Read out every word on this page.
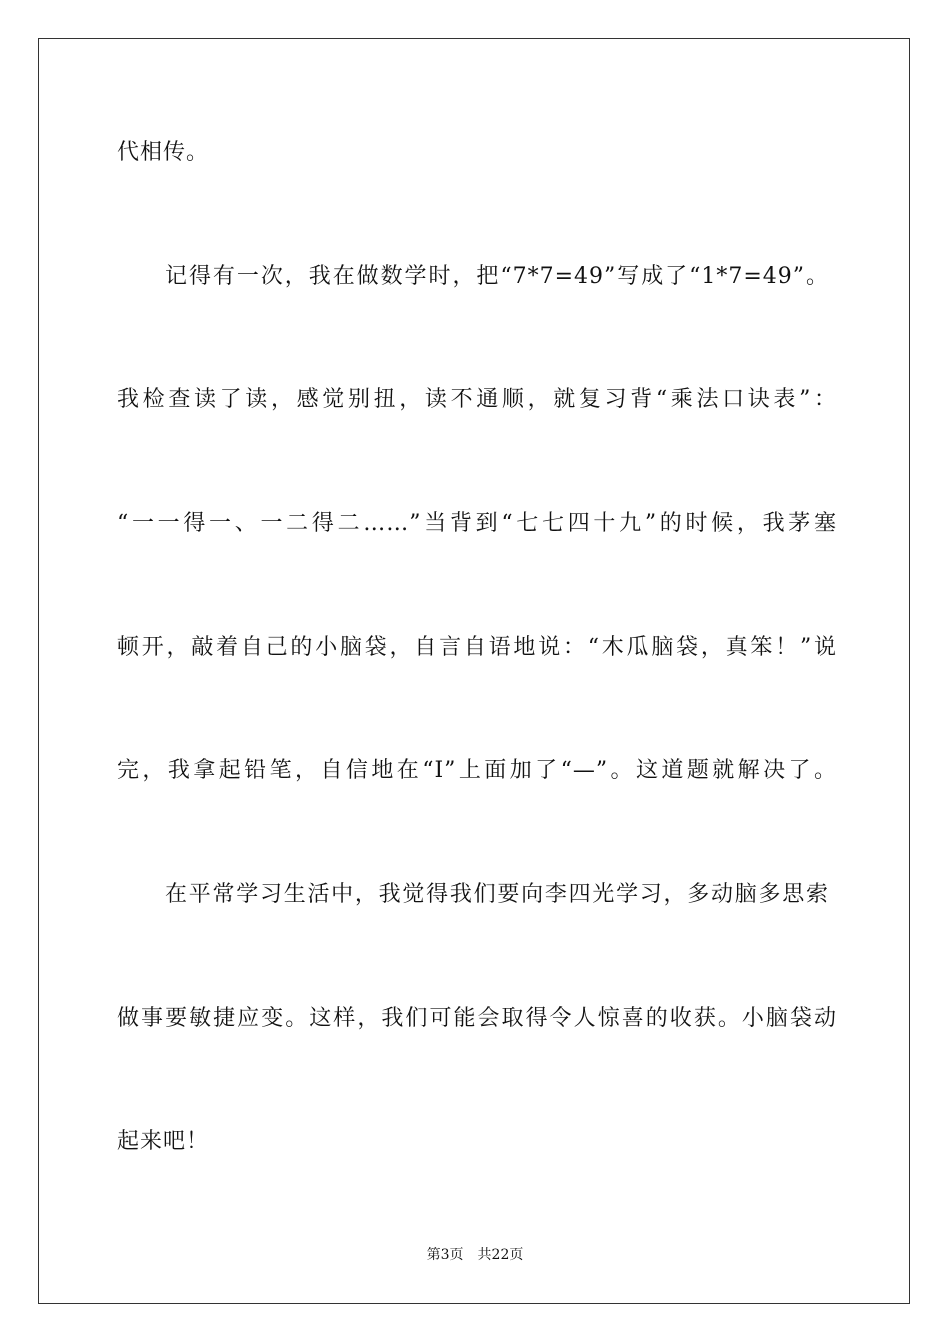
代相传。
记得有一次，我在做数学时，把“7*7=49”写成了“1*7=49”。
我检查读了读，感觉别扭，读不通顺，就复习背“乘法口诀表”：
“一一得一、一二得二……”当背到“七七四十九”的时候，我茅塞
顿开，敲着自己的小脑袋，自言自语地说：“木瓜脑袋，真笨！”说
完，我拿起铅笔，自信地在“I”上面加了“—”。这道题就解决了。
在平常学习生活中，我觉得我们要向李四光学习，多动脑多思索
做事要敏捷应变。这样，我们可能会取得令人惊喜的收获。小脑袋动
起来吧！
第3页　共22页
